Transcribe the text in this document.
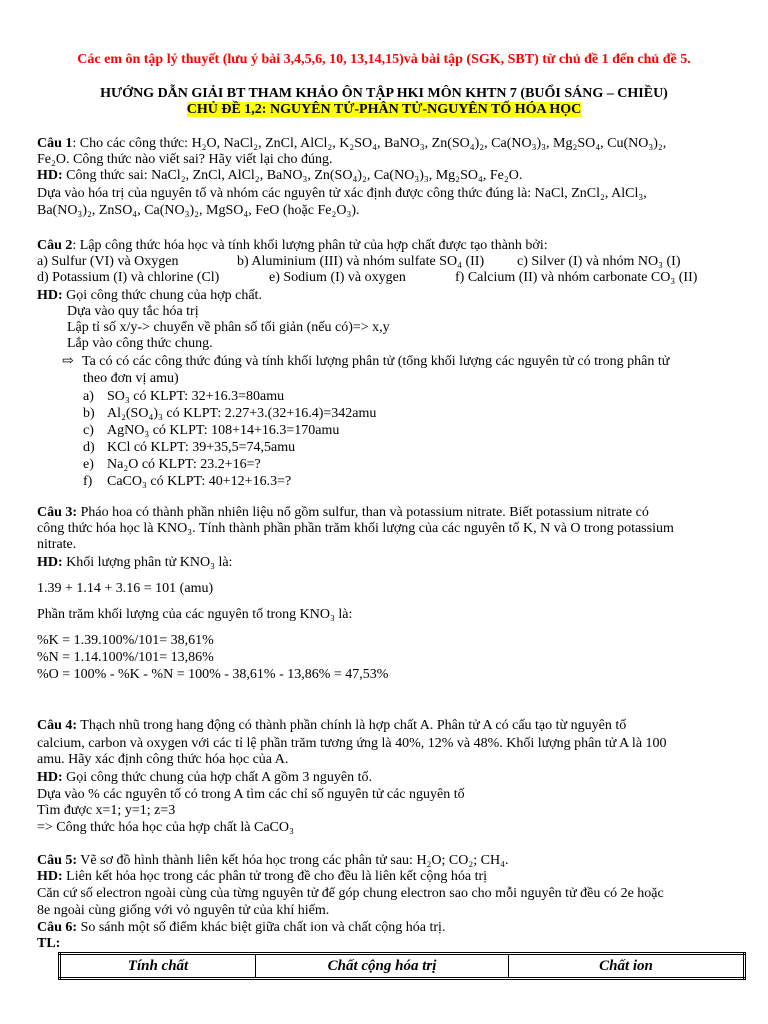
Các em ôn tập lý thuyết (lưu ý bài 3,4,5,6, 10, 13,14,15)và bài tập (SGK, SBT) từ chủ đề 1 đến chủ đề 5.
HƯỚNG DẪN GIẢI BT THAM KHẢO ÔN TẬP HKI MÔN KHTN 7 (BUỔI SÁNG – CHIỀU)
CHỦ ĐỀ 1,2: NGUYÊN TỬ-PHÂN TỬ-NGUYÊN TỐ HÓA HỌC
Câu 1: Cho các công thức: H₂O, NaCl₂, ZnCl, AlCl₂, K₂SO₄, BaNO₃, Zn(SO₄)₂, Ca(NO₃)₃, Mg₂SO₄, Cu(NO₃)₂,
Fe₂O. Công thức nào viết sai? Hãy viết lại cho đúng.
HD: Công thức sai: NaCl₂, ZnCl, AlCl₂, BaNO₃, Zn(SO₄)₂, Ca(NO₃)₃, Mg₂SO₄, Fe₂O.
Dựa vào hóa trị của nguyên tố và nhóm các nguyên tử xác định được công thức đúng là: NaCl, ZnCl₂, AlCl₃,
Ba(NO₃)₂, ZnSO₄, Ca(NO₃)₂, MgSO₄, FeO (hoặc Fe₂O₃).
Câu 2: Lập công thức hóa học và tính khối lượng phân tử của hợp chất được tạo thành bởi:
a) Sulfur (VI) và Oxygen	b) Aluminium (III) và nhóm sulfate SO₄ (II) c) Silver (I) và nhóm NO₃ (I)
d) Potassium (I) và chlorine (Cl)	e) Sodium (I) và oxygen	f) Calcium (II) và nhóm carbonate CO₃ (II)
HD: Gọi công thức chung của hợp chất.
Dựa vào quy tắc hóa trị
Lập tỉ số x/y-> chuyển về phân số tối giản (nếu có)=> x,y
Lắp vào công thức chung.
⇨ Ta có có các công thức đúng và tính khối lượng phân tử (tổng khối lượng các nguyên tử có trong phân tử
theo đơn vị amu)
a) SO₃ có KLPT: 32+16.3=80amu
b) Al₂(SO₄)₃ có KLPT: 2.27+3.(32+16.4)=342amu
c) AgNO₃ có KLPT: 108+14+16.3=170amu
d) KCl có KLPT: 39+35,5=74,5amu
e) Na₂O có KLPT: 23.2+16=?
f) CaCO₃ có KLPT: 40+12+16.3=?
Câu 3: Pháo hoa có thành phần nhiên liệu nổ gồm sulfur, than và potassium nitrate. Biết potassium nitrate có
công thức hóa học là KNO₃. Tính thành phần phần trăm khối lượng của các nguyên tố K, N và O trong potassium
nitrate.
HD: Khối lượng phân tử KNO₃ là:
1.39 + 1.14 + 3.16 = 101 (amu)
Phần trăm khối lượng của các nguyên tố trong KNO₃ là:
%K = 1.39.100%/101= 38,61%
%N = 1.14.100%/101= 13,86%
%O = 100% - %K - %N = 100% - 38,61% - 13,86% = 47,53%
Câu 4: Thạch nhũ trong hang động có thành phần chính là hợp chất A. Phân tử A có cấu tạo từ nguyên tố
calcium, carbon và oxygen với các tỉ lệ phần trăm tương ứng là 40%, 12% và 48%. Khối lượng phân tử A là 100
amu. Hãy xác định công thức hóa học của A.
HD: Gọi công thức chung của hợp chất A gồm 3 nguyên tố.
Dựa vào % các nguyên tố có trong A tìm các chỉ số nguyên tử các nguyên tố
Tìm được x=1; y=1; z=3
=> Công thức hóa học của hợp chất là CaCO₃
Câu 5: Vẽ sơ đồ hình thành liên kết hóa học trong các phân tử sau: H₂O; CO₂; CH₄.
HD: Liên kết hóa học trong các phân tử trong đề cho đều là liên kết cộng hóa trị
Căn cứ số electron ngoài cùng của từng nguyên tử để góp chung electron sao cho mỗi nguyên tử đều có 2e hoặc
8e ngoài cùng giống với vỏ nguyên tử của khí hiếm.
Câu 6: So sánh một số điểm khác biệt giữa chất ion và chất cộng hóa trị.
TL:
Tính chất	Chất cộng hóa trị	Chất ion
